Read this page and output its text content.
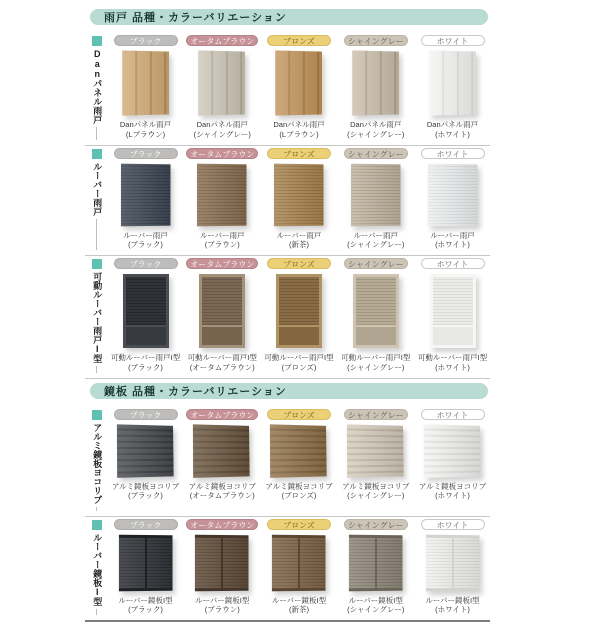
雨戸 品種・カラーバリエーション
Danパネル雨戸
ブラック
Danパネル雨戸
(Lブラウン)
オータムブラウン
Danパネル雨戸
(シャイングレー)
ブロンズ
Danパネル雨戸
(Lブラウン)
シャイングレー
Danパネル雨戸
(シャイングレー)
ホワイト
Danパネル雨戸
(ホワイト)
ルーバー雨戸
ブラック
ルーバー雨戸
(ブラック)
オータムブラウン
ルーバー雨戸
(ブラウン)
ブロンズ
ルーバー雨戸
(新茶)
シャイングレー
ルーバー雨戸
(シャイングレー)
ホワイト
ルーバー雨戸
(ホワイト)
可動ルーバー雨戸I型
ブラック
可動ルーバー雨戸I型
(ブラック)
オータムブラウン
可動ルーバー雨戸I型
(オータムブラウン)
ブロンズ
可動ルーバー雨戸I型
(ブロンズ)
シャイングレー
可動ルーバー雨戸I型
(シャイングレー)
ホワイト
可動ルーバー雨戸I型
(ホワイト)
鏡板 品種・カラーバリエーション
アルミ鏡板ヨコリブ
ブラック
アルミ鏡板ヨコリブ
(ブラック)
オータムブラウン
アルミ鏡板ヨコリブ
(オータムブラウン)
ブロンズ
アルミ鏡板ヨコリブ
(ブロンズ)
シャイングレー
アルミ鏡板ヨコリブ
(シャイングレー)
ホワイト
アルミ鏡板ヨコリブ
(ホワイト)
ルーバー鏡板I型
ブラック
ルーバー鏡板I型
(ブラック)
オータムブラウン
ルーバー鏡板I型
(ブラウン)
ブロンズ
ルーバー鏡板I型
(新茶)
シャイングレー
ルーバー鏡板I型
(シャイングレー)
ホワイト
ルーバー鏡板I型
(ホワイト)
